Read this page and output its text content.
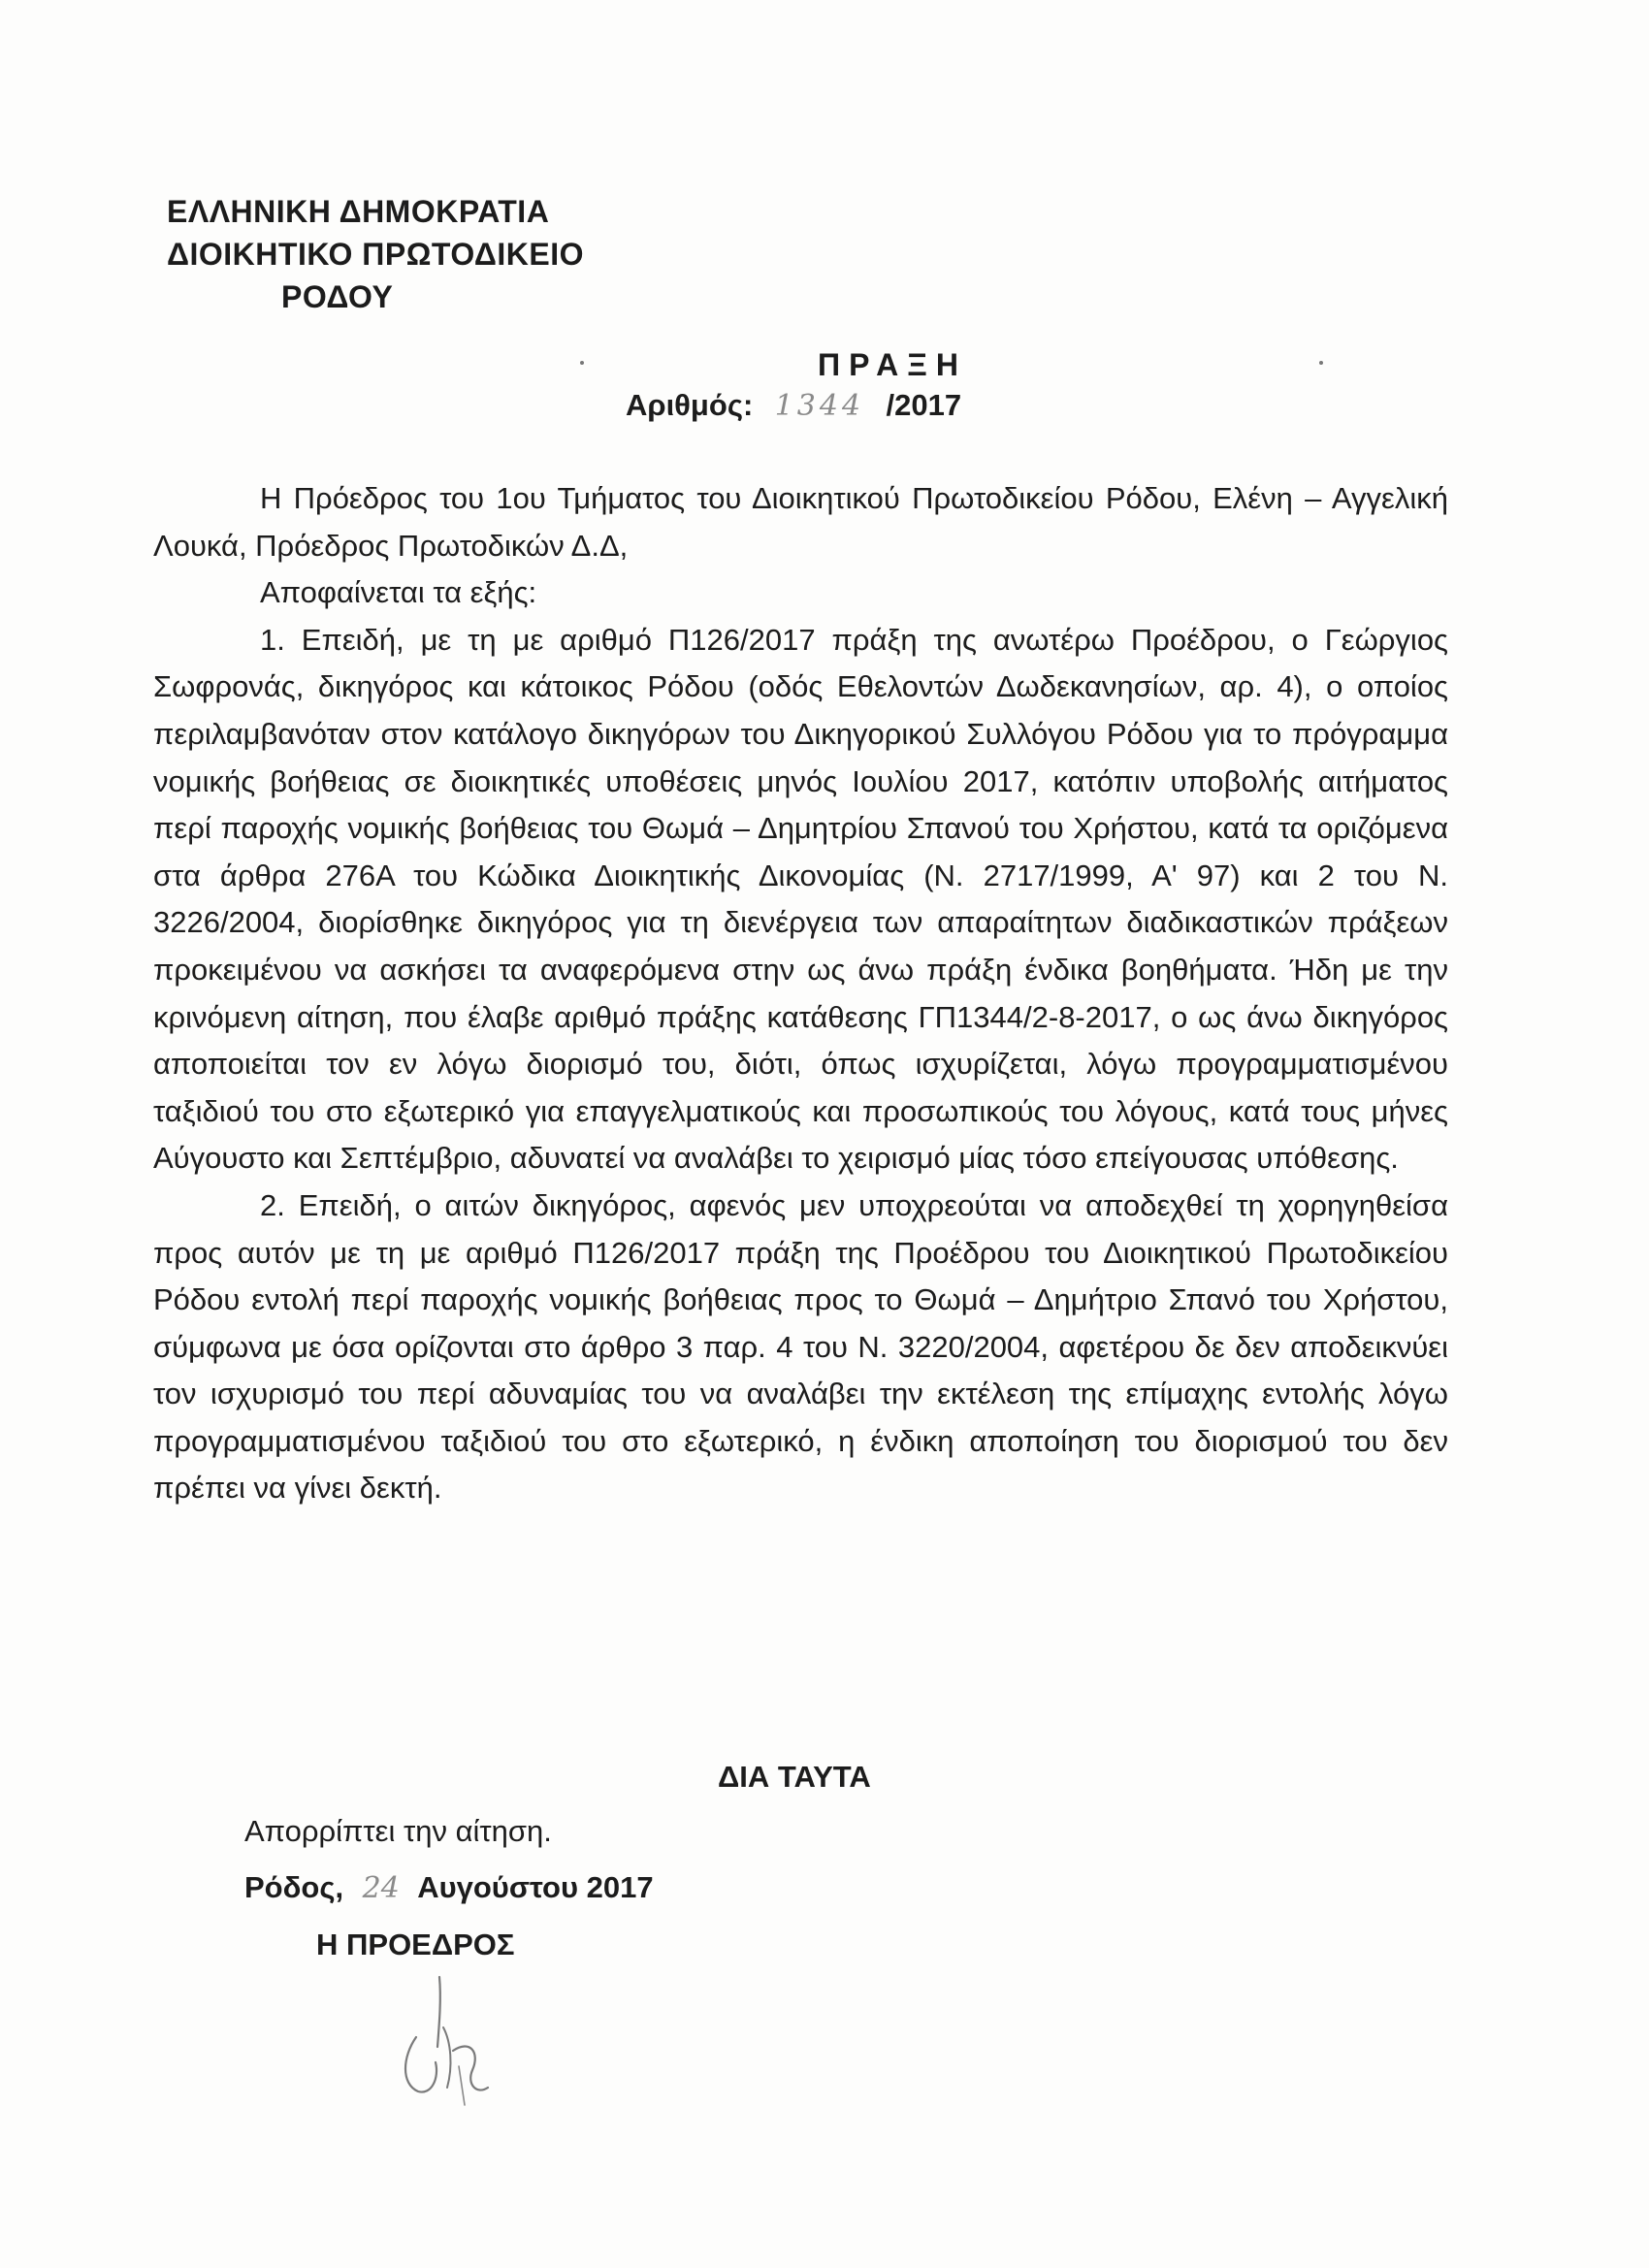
ΕΛΛΗΝΙΚΗ ΔΗΜΟΚΡΑΤΙΑ
ΔΙΟΙΚΗΤΙΚΟ ΠΡΩΤΟΔΙΚΕΙΟ
ΡΟΔΟΥ
ΠΡΑΞΗ
Αριθμός: 1344 /2017

Η Πρόεδρος του 1ου Τμήματος του Διοικητικού Πρωτοδικείου Ρόδου, Ελένη – Αγγελική Λουκά, Πρόεδρος Πρωτοδικών Δ.Δ,

Αποφαίνεται τα εξής:

1. Επειδή, με τη με αριθμό Π126/2017 πράξη της ανωτέρω Προέδρου, ο Γεώργιος Σωφρονάς, δικηγόρος και κάτοικος Ρόδου (οδός Εθελοντών Δωδεκανησίων, αρ. 4), ο οποίος περιλαμβανόταν στον κατάλογο δικηγόρων του Δικηγορικού Συλλόγου Ρόδου για το πρόγραμμα νομικής βοήθειας σε διοικητικές υποθέσεις μηνός Ιουλίου 2017, κατόπιν υποβολής αιτήματος περί παροχής νομικής βοήθειας του Θωμά – Δημητρίου Σπανού του Χρήστου, κατά τα οριζόμενα στα άρθρα 276Α του Κώδικα Διοικητικής Δικονομίας (Ν. 2717/1999, Α' 97) και 2 του Ν. 3226/2004, διορίσθηκε δικηγόρος για τη διενέργεια των απαραίτητων διαδικαστικών πράξεων προκειμένου να ασκήσει τα αναφερόμενα στην ως άνω πράξη ένδικα βοηθήματα. Ήδη με την κρινόμενη αίτηση, που έλαβε αριθμό πράξης κατάθεσης ΓΠ1344/2-8-2017, ο ως άνω δικηγόρος αποποιείται τον εν λόγω διορισμό του, διότι, όπως ισχυρίζεται, λόγω προγραμματισμένου ταξιδιού του στο εξωτερικό για επαγγελματικούς και προσωπικούς του λόγους, κατά τους μήνες Αύγουστο και Σεπτέμβριο, αδυνατεί να αναλάβει το χειρισμό μίας τόσο επείγουσας υπόθεσης.

2. Επειδή, ο αιτών δικηγόρος, αφενός μεν υποχρεούται να αποδεχθεί τη χορηγηθείσα προς αυτόν με τη με αριθμό Π126/2017 πράξη της Προέδρου του Διοικητικού Πρωτοδικείου Ρόδου εντολή περί παροχής νομικής βοήθειας προς το Θωμά – Δημήτριο Σπανό του Χρήστου, σύμφωνα με όσα ορίζονται στο άρθρο 3 παρ. 4 του Ν. 3220/2004, αφετέρου δε δεν αποδεικνύει τον ισχυρισμό του περί αδυναμίας του να αναλάβει την εκτέλεση της επίμαχης εντολής λόγω προγραμματισμένου ταξιδιού του στο εξωτερικό, η ένδικη αποποίηση του διορισμού του δεν πρέπει να γίνει δεκτή.

ΔΙΑ ΤΑΥΤΑ
Απορρίπτει την αίτηση.
Ρόδος, 24 Αυγούστου 2017
Η ΠΡΟΕΔΡΟΣ
